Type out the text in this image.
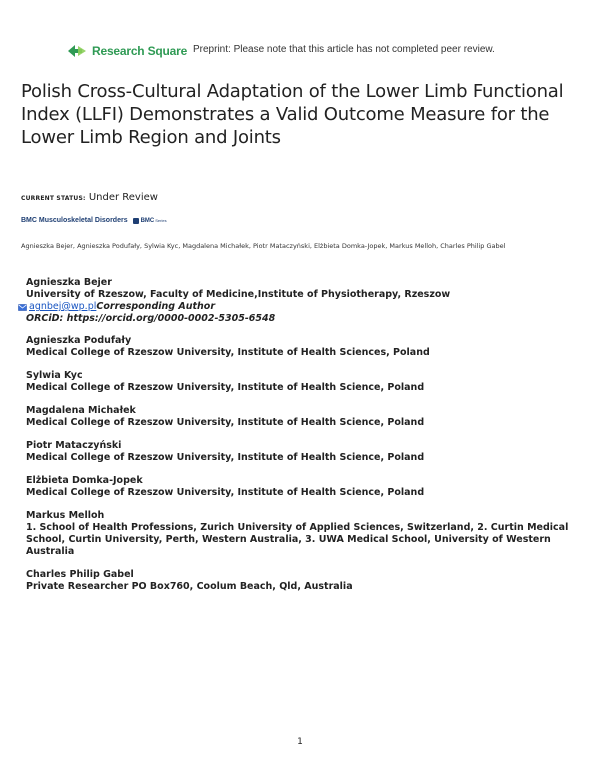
Research Square Preprint: Please note that this article has not completed peer review.
Polish Cross-Cultural Adaptation of the Lower Limb Functional Index (LLFI) Demonstrates a Valid Outcome Measure for the Lower Limb Region and Joints
CURRENT STATUS: Under Review
BMC Musculoskeletal Disorders BMC Series

Agnieszka Bejer, Agnieszka Podufały, Sylwia Kyc, Magdalena Michałek, Piotr Mataczyński, Elżbieta Domka-Jopek, Markus Melloh, Charles Philip Gabel

Agnieszka Bejer
University of Rzeszow, Faculty of Medicine,Institute of Physiotherapy, Rzeszow
agnbej@wp.pl Corresponding Author
ORCiD: https://orcid.org/0000-0002-5305-6548
Agnieszka Podufały
Medical College of Rzeszow University, Institute of Health Sciences, Poland
Sylwia Kyc
Medical College of Rzeszow University, Institute of Health Science, Poland
Magdalena Michałek
Medical College of Rzeszow University, Institute of Health Science, Poland
Piotr Mataczyński
Medical College of Rzeszow University, Institute of Health Science, Poland
Elżbieta Domka-Jopek
Medical College of Rzeszow University, Institute of Health Science, Poland
Markus Melloh
1. School of Health Professions, Zurich University of Applied Sciences, Switzerland, 2. Curtin Medical School, Curtin University, Perth, Western Australia, 3. UWA Medical School, University of Western Australia
Charles Philip Gabel
Private Researcher PO Box760, Coolum Beach, Qld, Australia
1
